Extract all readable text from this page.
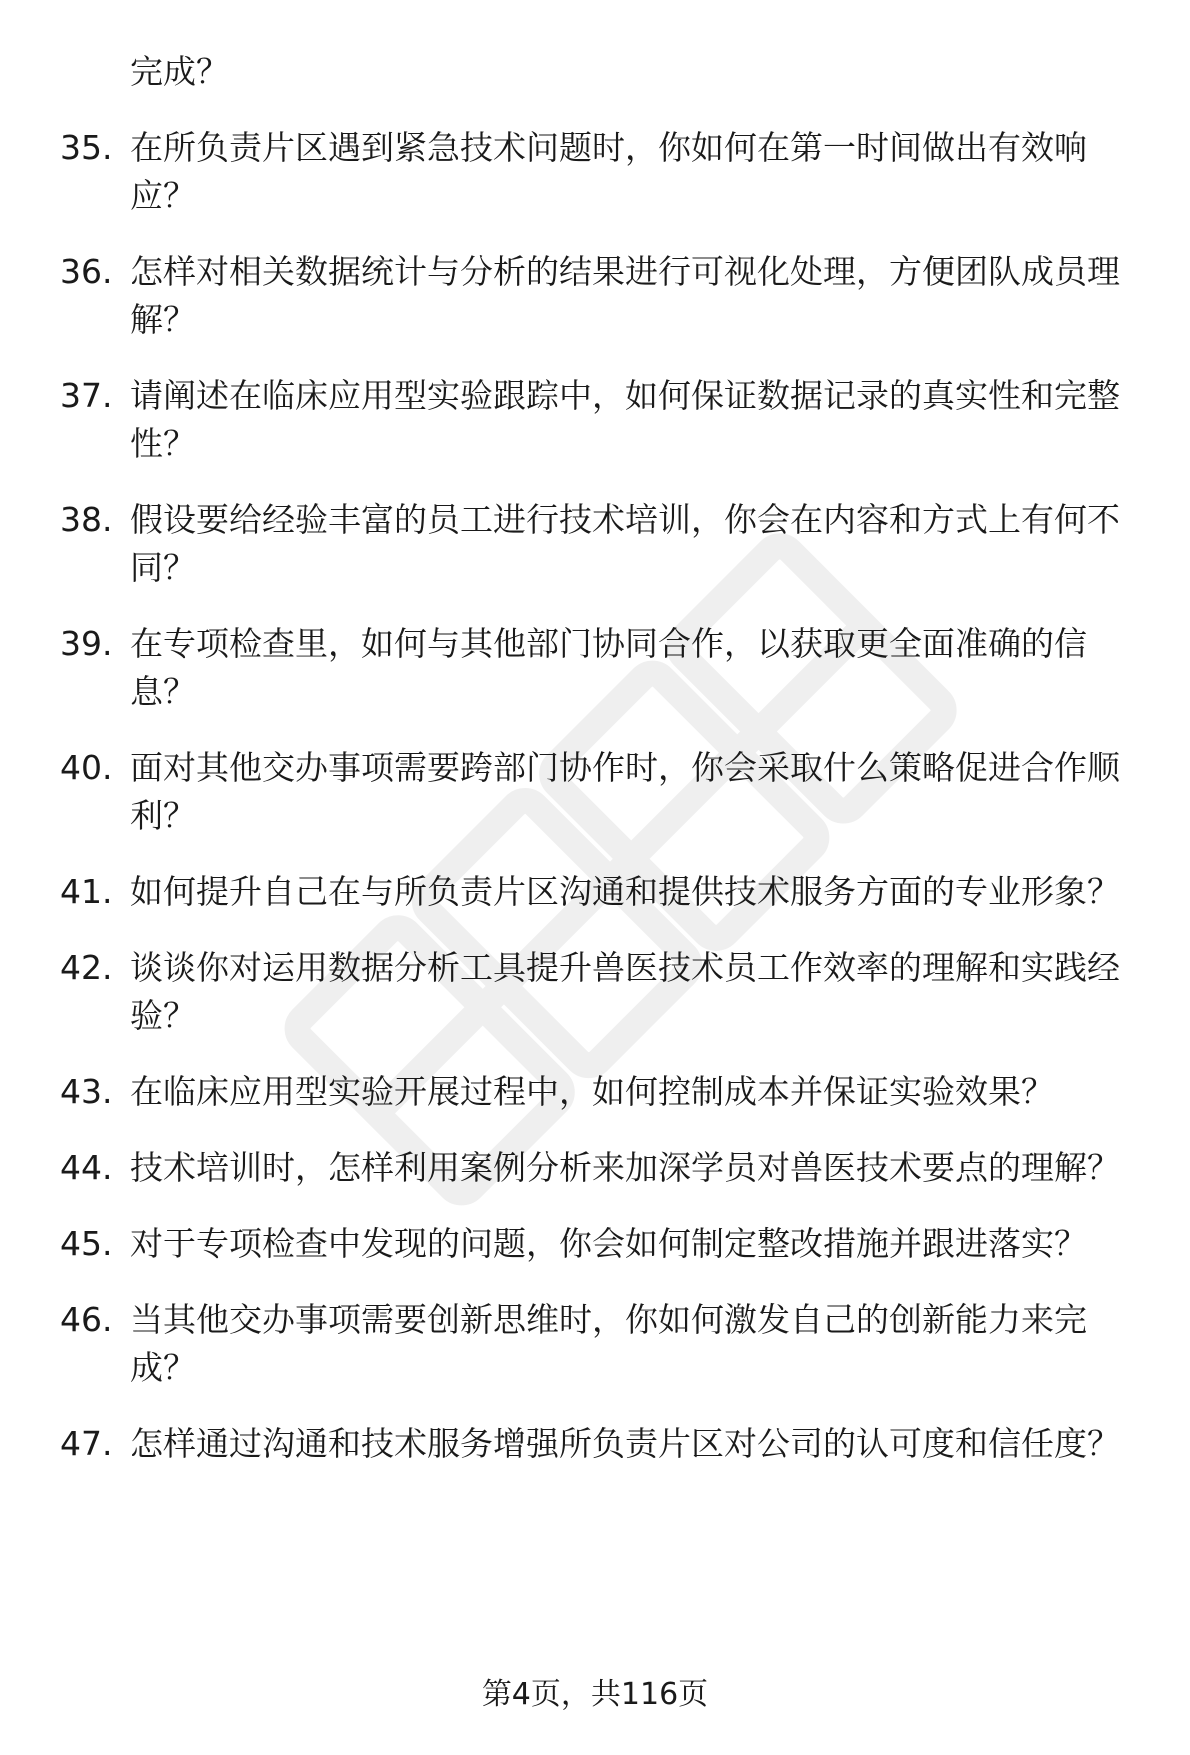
完成？
35. 在所负责片区遇到紧急技术问题时，你如何在第一时间做出有效响应？
36. 怎样对相关数据统计与分析的结果进行可视化处理，方便团队成员理解？
37. 请阐述在临床应用型实验跟踪中，如何保证数据记录的真实性和完整性？
38. 假设要给经验丰富的员工进行技术培训，你会在内容和方式上有何不同？
39. 在专项检查里，如何与其他部门协同合作，以获取更全面准确的信息？
40. 面对其他交办事项需要跨部门协作时，你会采取什么策略促进合作顺利？
41. 如何提升自己在与所负责片区沟通和提供技术服务方面的专业形象？
42. 谈谈你对运用数据分析工具提升兽医技术员工作效率的理解和实践经验？
43. 在临床应用型实验开展过程中，如何控制成本并保证实验效果？
44. 技术培训时，怎样利用案例分析来加深学员对兽医技术要点的理解？
45. 对于专项检查中发现的问题，你会如何制定整改措施并跟进落实？
46. 当其他交办事项需要创新思维时，你如何激发自己的创新能力来完成？
47. 怎样通过沟通和技术服务增强所负责片区对公司的认可度和信任度？
第4页，共116页
